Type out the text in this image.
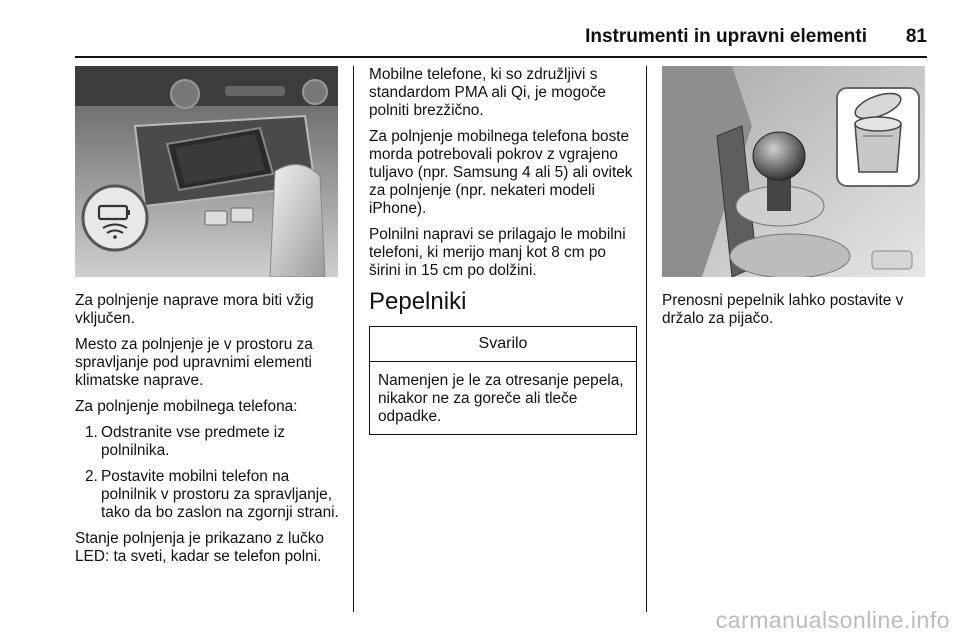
Instrumenti in upravni elementi 81

Za polnjenje naprave mora biti vžig vključen.

Mesto za polnjenje je v prostoru za spravljanje pod upravnimi elementi klimatske naprave.

Za polnjenje mobilnega telefona:

1. Odstranite vse predmete iz polnilnika.
2. Postavite mobilni telefon na polnilnik v prostoru za spravljanje, tako da bo zaslon na zgornji strani.

Stanje polnjenja je prikazano z lučko LED: ta sveti, kadar se telefon polni.

Mobilne telefone, ki so združljivi s standardom PMA ali Qi, je mogoče polniti brezžično.

Za polnjenje mobilnega telefona boste morda potrebovali pokrov z vgrajeno tuljavo (npr. Samsung 4 ali 5) ali ovitek za polnjenje (npr. nekateri modeli iPhone).

Polnilni napravi se prilagajo le mobilni telefoni, ki merijo manj kot 8 cm po širini in 15 cm po dolžini.

Pepelniki
Svarilo
Namenjen je le za otresanje pepela, nikakor ne za goreče ali tleče odpadke.

Prenosni pepelnik lahko postavite v držalo za pijačo.

carmanualsonline.info
